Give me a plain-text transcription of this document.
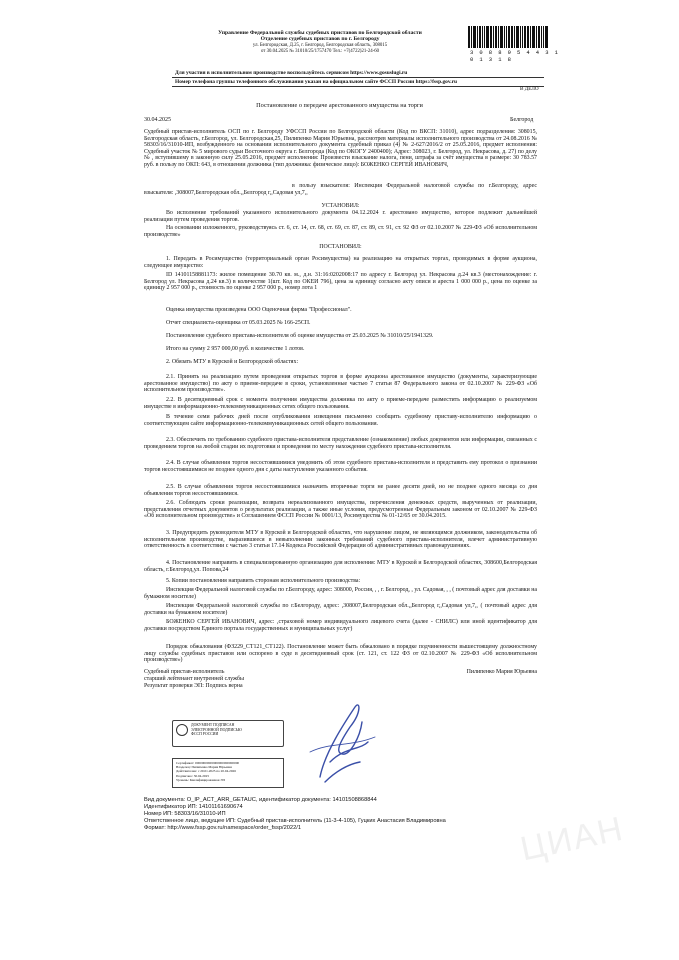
Управление Федеральной службы судебных приставов по Белгородской области
Отделение судебных приставов по г. Белгороду
ул. Белгородская, Д.25, г. Белгород, Белгородская область, 308015
от 30.04.2025 № 31010/25/1757470 Тел.: +7(4722)21-24-60	3 0 8 8 9 5 4 4 3 1 0 1 3 1 8
Для участия в исполнительном производстве воспользуйтесь сервисом https://www.gosuslugi.ru
Номер телефона группы телефонного обслуживания указан на официальном сайте ФССП России https://fssp.gov.ru
В ДЕЛО
Постановление о передаче арестованного имущества на торги
30.04.2025	Белгород
Судебный пристав-исполнитель ОСП по г. Белгороду УФССП России по Белгородской области (Код по ВКСП: 31010), адрес подразделения: 308015, Белгородская область, г.Белгород, ул. Белгородская,25, Пилипенко Мария Юрьевна, рассмотрев материалы исполнительного производства от 24.08.2016 № 58303/16/31010-ИП, возбужденного на основании исполнительного документа судебный приказ (4) № 2-627/2016/2 от 25.05.2016, предмет исполнения: Судебный участок № 5 мирового судьи Восточного округа г. Белгорода (Код по ОКОГУ 2400400); Адрес: 308023, г. Белгород, ул. Некрасова, д. 27) по делу № , вступившему в законную силу 25.05.2016, предмет исполнения: Произвести взыскание налога, пени, штрафа за счёт имущества в размере: 30 783.57 руб. в пользу по ОКП: 643, в отношении должника (тип должника: физическое лицо): БОЖЕНКО СЕРГЕЙ ИВАНОВИЧ,
в пользу взыскателя: Инспекция Федеральной налоговой службы по г.Белгороду, адрес взыскателя: ,308007,Белгородская обл.,,Белгород г,,Садовая ул,7,,
УСТАНОВИЛ:
Во исполнение требований указанного исполнительного документа 04.12.2024 г. арестовано имущество, которое подлежит дальнейшей реализации путем проведения торгов.
На основании изложенного, руководствуясь ст. 6, ст. 14, ст. 68, ст. 69, ст. 87, ст. 89, ст. 91, ст. 92 ФЗ от 02.10.2007 № 229-ФЗ «Об исполнительном производстве»
ПОСТАНОВИЛ:
1. Передать в Росимущество (территориальный орган Росимущества) на реализацию на открытых торгах, проводимых в форме аукциона, следующее имущество:
ID 14101158881173: жилое помещение 30.70 кв. м., д.н. 31:16:0202008:17 по адресу г. Белгород ул. Некрасова д.24 кв.3 (местонахождение: г. Белгород ул. Некрасова д.24 кв.3) в количестве 1(шт. Код по ОКЕИ 796), цена за единицу согласно акту описи и ареста 1 000 000 р., цена по оценке за единицу 2 957 000 р., стоимость по оценке 2 957 000 р., номер лота 1
Оценка имущества произведена ООО Оценочная фирма "Профессионал".
Отчет специалиста-оценщика от 05.03.2025 № 166-25СП.
Постановление судебного пристава-исполнителя об оценке имущества от 25.03.2025 № 31010/25/1941329.
Итого на сумму 2 957 000,00 руб. в количестве 1 лотов.
2. Обязать МТУ в Курской и Белгородской областях:
2.1. Принять на реализацию путем проведения открытых торгов в форме аукциона арестованное имущество (документы, характеризующие арестованное имущество) по акту о приеме-передаче в сроки, установленные частью 7 статьи 87 Федерального закона от 02.10.2007 № 229-ФЗ «Об исполнительном производстве».
2.2. В десятидневный срок с момента получения имущества должника по акту о приеме-передаче разместить информацию о реализуемом имуществе в информационно-телекоммуникационных сетях общего пользования.
В течение семи рабочих дней после опубликования извещения письменно сообщить судебному приставу-исполнителю информацию о соответствующем сайте информационно-телекоммуникационных сетей общего пользования.
2.3. Обеспечить по требованию судебного пристава-исполнителя представление (ознакомление) любых документов или информации, связанных с проведением торгов на любой стадии их подготовки и проведения по месту нахождения судебного пристава-исполнителя.
2.4. В случае объявления торгов несостоявшимися уведомить об этом судебного пристава-исполнителя и представить ему протокол о признании торгов несостоявшимися не позднее одного дня с даты наступления указанного события.
2.5. В случае объявления торгов несостоявшимися назначить вторичные торги не ранее десяти дней, но не позднее одного месяца со дня объявления торгов несостоявшимися.
2.6. Соблюдать сроки реализации, возврата нереализованного имущества, перечисления денежных средств, вырученных от реализации, представления отчетных документов о результатах реализации, а также иные условия, предусмотренные Федеральным законом от 02.10.2007 № 229-ФЗ «Об исполнительном производстве» и Соглашением ФССП России № 0001/13, Росимущества № 01-12/65 от 30.04.2015.
3. Предупредить руководителя МТУ в Курской и Белгородской областях, что нарушение лицом, не являющимся должником, законодательства об исполнительном производстве, выразившееся в невыполнении законных требований судебного пристава-исполнителя, влечет административную ответственность в соответствии с частью 3 статьи 17.14 Кодекса Российской Федерации об административных правонарушениях.
4. Постановление направить в специализированную организацию для исполнения: МТУ в Курской и Белгородской областях, 308600,Белгородская область, г.Белгород,ул. Попова,24
5. Копии постановления направить сторонам исполнительного производства:
Инспекция Федеральной налоговой службы по г.Белгороду, адрес: 308000, Россия, , , г. Белгород, , ул. Садовая, , , ( почтовый адрес для доставки на бумажном носителе)
Инспекция Федеральной налоговой службы по г.Белгороду, адрес: ,308007,Белгородская обл.,,Белгород г,,Садовая ул,7,, ( почтовый адрес для доставки на бумажном носителе)
БОЖЕНКО СЕРГЕЙ ИВАНОВИЧ, адрес: ,страховой номер индивидуального лицевого счета (далее - СНИЛС) или иной идентификатор для доставки посредством Единого портала государственных и муниципальных услуг)
Порядок обжалования (ФЗ229_СТ121_СТ122). Постановление может быть обжаловано в порядке подчиненности вышестоящему должностному лицу службы судебных приставов или оспорено в суде в десятидневный срок (ст. 121, ст. 122 ФЗ от 02.10.2007 № 229-ФЗ «Об исполнительном производстве»)
Судебный пристав-исполнитель	Пилипенко Мария Юрьевна
старший лейтенант внутренней службы
Результат проверки ЭП: Подпись верна
ДОКУМЕНТ ПОДПИСАН
ЭЛЕКТРОННОЙ ПОДПИСЬЮ
ФССП РОССИИ
Сертификат: 00000000000000000000000000
Владелец: Пилипенко Мария Юрьевна
Действителен: с 20.01.2025 по 20.04.2026
Подписано: 30.04.2025
Уровень: Квалифицированная ЭП
ЦИАН
Вид документа: O_IP_ACT_ARR_GETAUC, идентификатор документа: 14101508868844
Идентификатор ИП: 14101161690674
Номер ИП: 58303/16/31010-ИП
Ответственное лицо, ведущее ИП: Судебный пристав-исполнитель (11-3-4-105), Гуцких Анастасия Владимировна
Формат: http://www.fssp.gov.ru/namespace/order_fssp/2022/1
